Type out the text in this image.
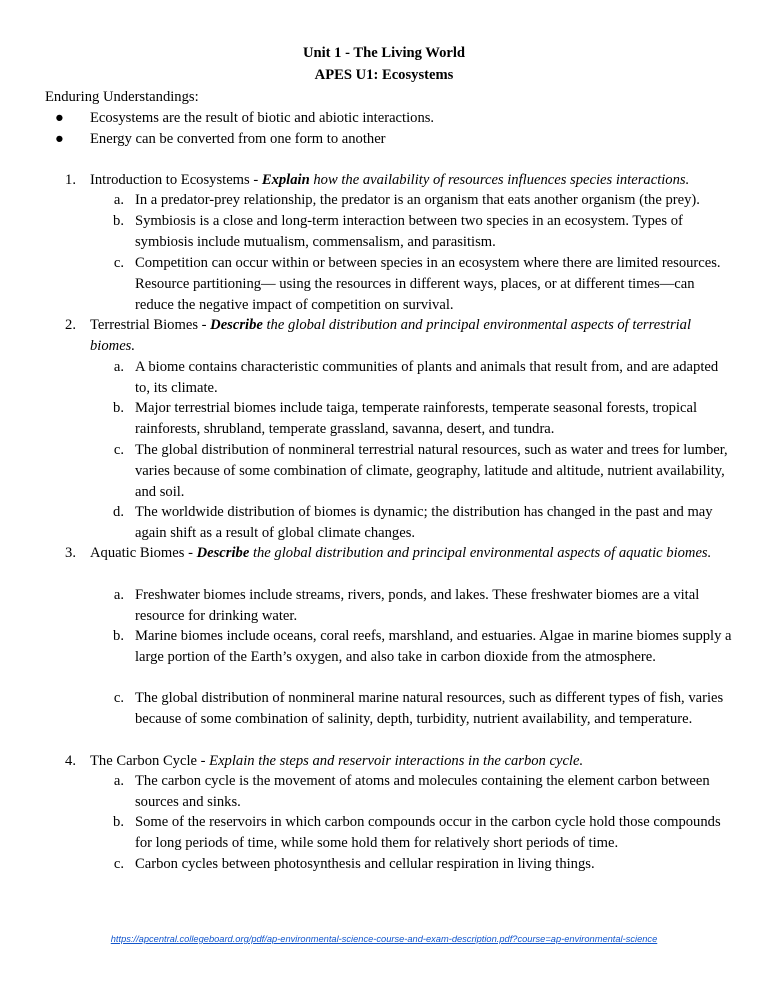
Unit 1 - The Living World
APES U1: Ecosystems
Enduring Understandings:
● Ecosystems are the result of biotic and abiotic interactions.
● Energy can be converted from one form to another
1. Introduction to Ecosystems - Explain how the availability of resources influences species interactions.
a. In a predator-prey relationship, the predator is an organism that eats another organism (the prey).
b. Symbiosis is a close and long-term interaction between two species in an ecosystem. Types of symbiosis include mutualism, commensalism, and parasitism.
c. Competition can occur within or between species in an ecosystem where there are limited resources. Resource partitioning— using the resources in different ways, places, or at different times—can reduce the negative impact of competition on survival.
2. Terrestrial Biomes - Describe the global distribution and principal environmental aspects of terrestrial biomes.
a. A biome contains characteristic communities of plants and animals that result from, and are adapted to, its climate.
b. Major terrestrial biomes include taiga, temperate rainforests, temperate seasonal forests, tropical rainforests, shrubland, temperate grassland, savanna, desert, and tundra.
c. The global distribution of nonmineral terrestrial natural resources, such as water and trees for lumber, varies because of some combination of climate, geography, latitude and altitude, nutrient availability, and soil.
d. The worldwide distribution of biomes is dynamic; the distribution has changed in the past and may again shift as a result of global climate changes.
3. Aquatic Biomes - Describe the global distribution and principal environmental aspects of aquatic biomes.
a. Freshwater biomes include streams, rivers, ponds, and lakes. These freshwater biomes are a vital resource for drinking water.
b. Marine biomes include oceans, coral reefs, marshland, and estuaries. Algae in marine biomes supply a large portion of the Earth’s oxygen, and also take in carbon dioxide from the atmosphere.
c. The global distribution of nonmineral marine natural resources, such as different types of fish, varies because of some combination of salinity, depth, turbidity, nutrient availability, and temperature.
4. The Carbon Cycle - Explain the steps and reservoir interactions in the carbon cycle.
a. The carbon cycle is the movement of atoms and molecules containing the element carbon between sources and sinks.
b. Some of the reservoirs in which carbon compounds occur in the carbon cycle hold those compounds for long periods of time, while some hold them for relatively short periods of time.
c. Carbon cycles between photosynthesis and cellular respiration in living things.
https://apcentral.collegeboard.org/pdf/ap-environmental-science-course-and-exam-description.pdf?course=ap-environmental-science
